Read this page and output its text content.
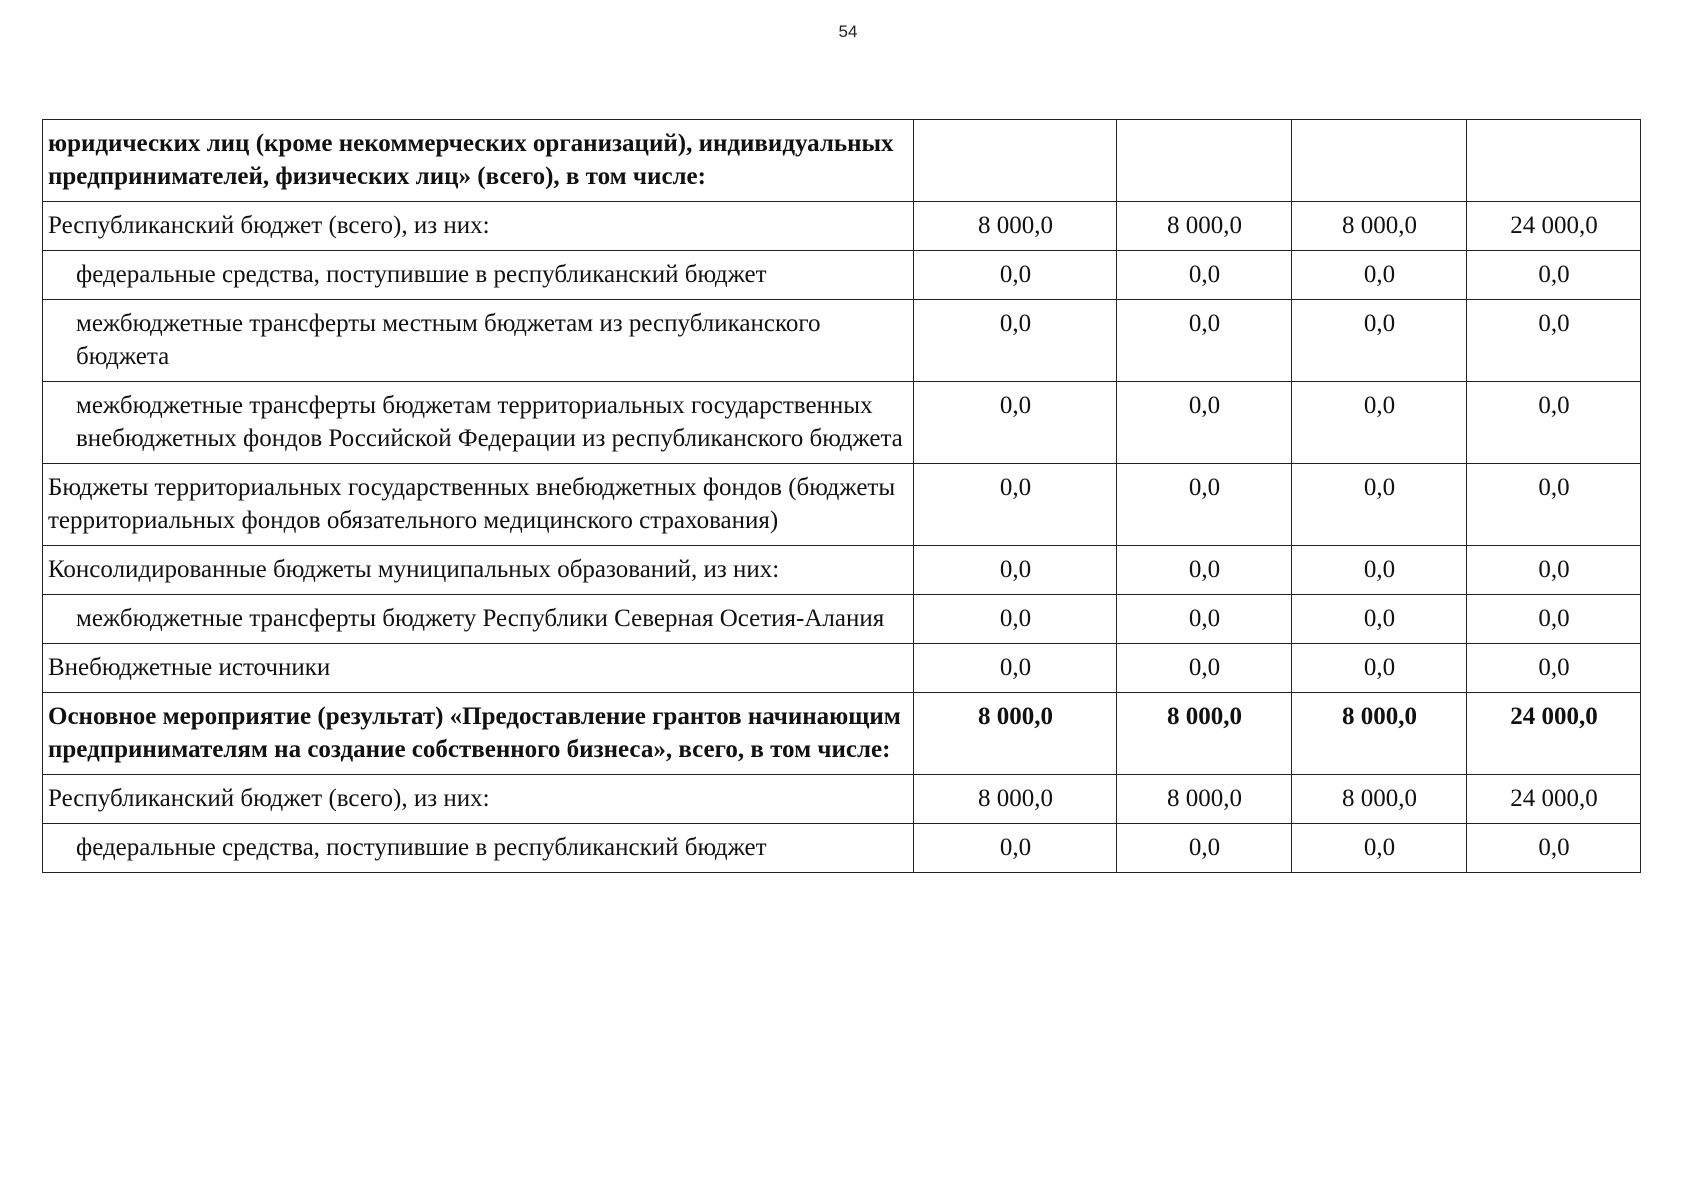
54
юридических лиц (кроме некоммерческих организаций), индивидуальных предпринимателей, физических лиц» (всего), в том числе:				
Республиканский бюджет (всего), из них:	8 000,0	8 000,0	8 000,0	24 000,0
федеральные средства, поступившие в республиканский бюджет	0,0	0,0	0,0	0,0
межбюджетные трансферты местным бюджетам из республиканского бюджета	0,0	0,0	0,0	0,0
межбюджетные трансферты бюджетам территориальных государственных внебюджетных фондов Российской Федерации из республиканского бюджета	0,0	0,0	0,0	0,0
Бюджеты территориальных государственных внебюджетных фондов (бюджеты территориальных фондов обязательного медицинского страхования)	0,0	0,0	0,0	0,0
Консолидированные бюджеты муниципальных образований, из них:	0,0	0,0	0,0	0,0
межбюджетные трансферты бюджету Республики Северная Осетия-Алания	0,0	0,0	0,0	0,0
Внебюджетные источники	0,0	0,0	0,0	0,0
Основное мероприятие (результат) «Предоставление грантов начинающим предпринимателям на создание собственного бизнеса», всего, в том числе:	8 000,0	8 000,0	8 000,0	24 000,0
Республиканский бюджет (всего), из них:	8 000,0	8 000,0	8 000,0	24 000,0
федеральные средства, поступившие в республиканский бюджет	0,0	0,0	0,0	0,0
